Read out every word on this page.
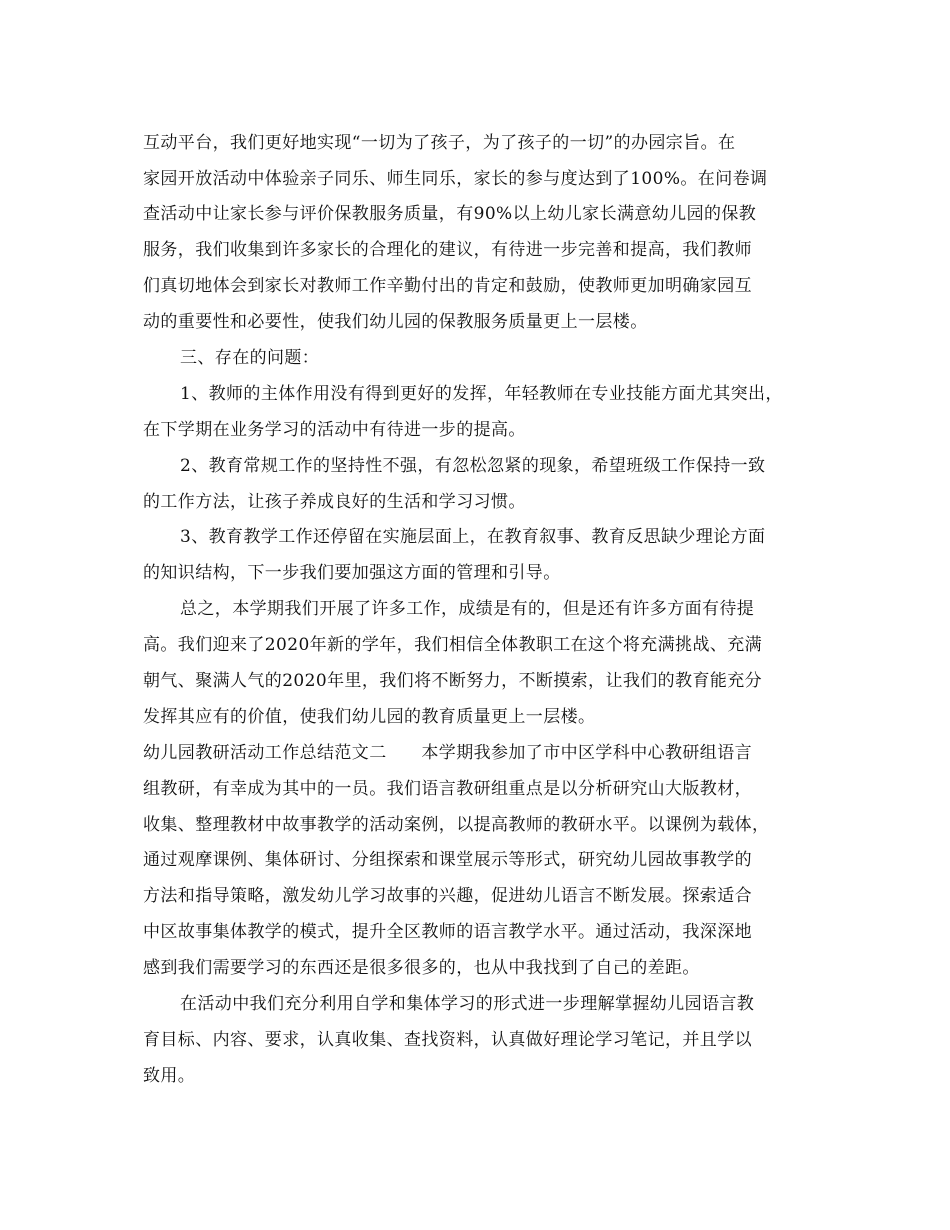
互动平台，我们更好地实现“一切为了孩子，为了孩子的一切”的办园宗旨。在
家园开放活动中体验亲子同乐、师生同乐，家长的参与度达到了100%。在问卷调
查活动中让家长参与评价保教服务质量，有90%以上幼儿家长满意幼儿园的保教
服务，我们收集到许多家长的合理化的建议，有待进一步完善和提高，我们教师
们真切地体会到家长对教师工作辛勤付出的肯定和鼓励，使教师更加明确家园互
动的重要性和必要性，使我们幼儿园的保教服务质量更上一层楼。
三、存在的问题：
1、教师的主体作用没有得到更好的发挥，年轻教师在专业技能方面尤其突出，
在下学期在业务学习的活动中有待进一步的提高。
2、教育常规工作的坚持性不强，有忽松忽紧的现象，希望班级工作保持一致
的工作方法，让孩子养成良好的生活和学习习惯。
3、教育教学工作还停留在实施层面上，在教育叙事、教育反思缺少理论方面
的知识结构，下一步我们要加强这方面的管理和引导。
总之，本学期我们开展了许多工作，成绩是有的，但是还有许多方面有待提
高。我们迎来了2020年新的学年，我们相信全体教职工在这个将充满挑战、充满
朝气、聚满人气的2020年里，我们将不断努力，不断摸索，让我们的教育能充分
发挥其应有的价值，使我们幼儿园的教育质量更上一层楼。
幼儿园教研活动工作总结范文二　　本学期我参加了市中区学科中心教研组语言
组教研，有幸成为其中的一员。我们语言教研组重点是以分析研究山大版教材，
收集、整理教材中故事教学的活动案例，以提高教师的教研水平。以课例为载体，
通过观摩课例、集体研讨、分组探索和课堂展示等形式，研究幼儿园故事教学的
方法和指导策略，激发幼儿学习故事的兴趣，促进幼儿语言不断发展。探索适合
中区故事集体教学的模式，提升全区教师的语言教学水平。通过活动，我深深地
感到我们需要学习的东西还是很多很多的，也从中我找到了自己的差距。
在活动中我们充分利用自学和集体学习的形式进一步理解掌握幼儿园语言教
育目标、内容、要求，认真收集、查找资料，认真做好理论学习笔记，并且学以
致用。
